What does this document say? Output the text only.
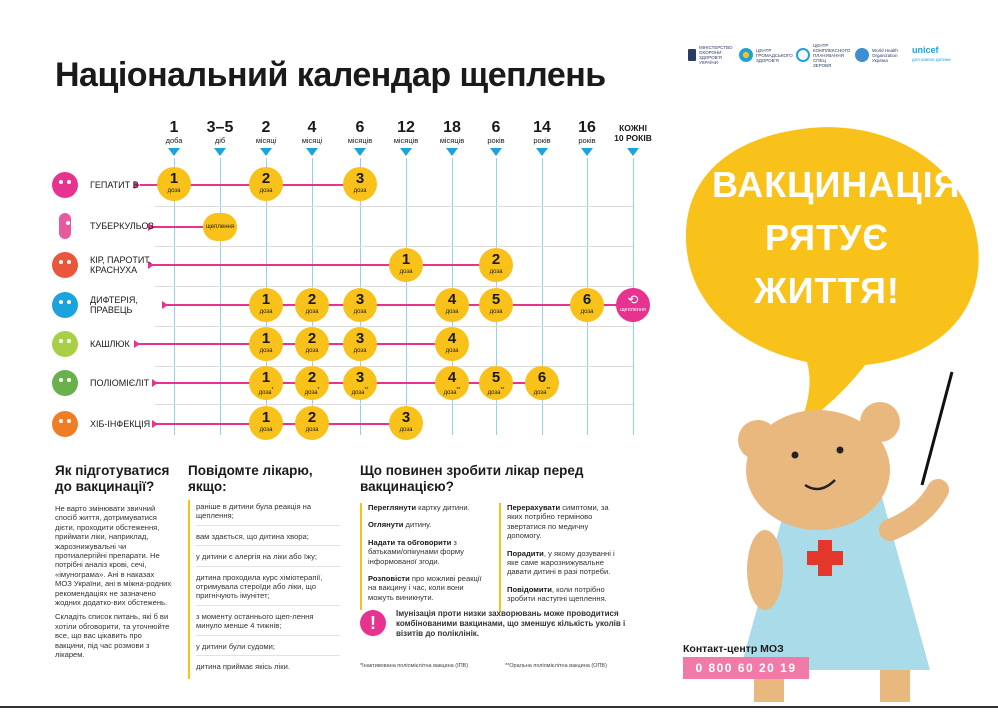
Національний календар щеплень
МІНІСТЕРСТВО ОХОРОНИ ЗДОРОВ'Я УКРАЇНИ
ЦЕНТР ГРОМАДСЬКОГО ЗДОРОВ'Я
ЦЕНТР КОМПЛЕКСНОГО ПЛАНУВАННЯ СПЕЦ ЗЕРОВЯ
World Health Organization Україна
unicef
для кожної дитини
1
доба
3–5
діб
2
місяці
4
місяці
6
місяців
12
місяців
18
місяців
6
років
14
років
16
років
КОЖНІ
10 РОКІВ
ГЕПАТИТ В
ТУБЕРКУЛЬОЗ
КІР, ПАРОТИТ, КРАСНУХА
ДИФТЕРІЯ, ПРАВЕЦЬ
КАШЛЮК
ПОЛІОМІЄЛІТ
ХІБ-ІНФЕКЦІЯ
1
доза
2
доза
3
доза
щеплення
1
доза
2
доза
1
доза
2
доза
3
доза
4
доза
5
доза
6
доза
⟲
щеплення
1
доза
2
доза
3
доза
4
доза
1
доза*
2
доза*
3
доза**
4
доза**
5
доза**
6
доза**
1
доза
2
доза
3
доза
Як підготуватися до вакцинації?

Не варто змінювати звичний спосіб життя, дотримуватися дієти, проходити обстеження, приймати ліки, наприклад, жарознижувальні чи протиалергійні препарати. Не потрібні аналіз крові, сечі, «імунограма». Ані в наказах МОЗ України, ані в міжна-родних рекомендаціях не зазначено жодних додатко-вих обстежень.

Складіть список питань, які б ви хотіли обговорити, та уточнюйте все, що вас цікавить про вакцини, під час розмови з лікарем.

Повідомте лікарю, якщо:
раніше в дитини була реакція на щеплення;
вам здається, що дитина хвора;
у дитини є алергія на ліки або їжу;
дитина проходила курс хіміотерапії, отримувала стероїди або ліки, що пригнічують імунітет;
з моменту останнього щеп-лення минуло менше 4 тижнів;
у дитини були судоми;
дитина приймає якісь ліки.
Що повинен зробити лікар перед вакцинацією?

Переглянути картку дитини.

Оглянути дитину.

Надати та обговорити з батьками/опікунами форму інформованої згоди.

Розповісти про можливі реакції на вакцину і час, коли вони можуть виникнути.

Перерахувати симптоми, за яких потрібно терміново звертатися по медичну допомогу.

Порадити, у якому дозуванні і яке саме жарознижувальне давати дитині в разі потреби.

Повідомити, коли потрібно зробити наступні щеплення.

!	Імунізація проти низки захворювань може проводитися комбінованими вакцинами, що зменшує кількість уколів і візитів до поліклінік.
*Інактивована поліомієлітна вакцина (ІПВ)	**Оральна поліомієлітна вакцина (ОПВ)
ВАКЦИНАЦІЯ
РЯТУЄ
ЖИТТЯ!
Контакт-центр МОЗ
0 800 60 20 19
